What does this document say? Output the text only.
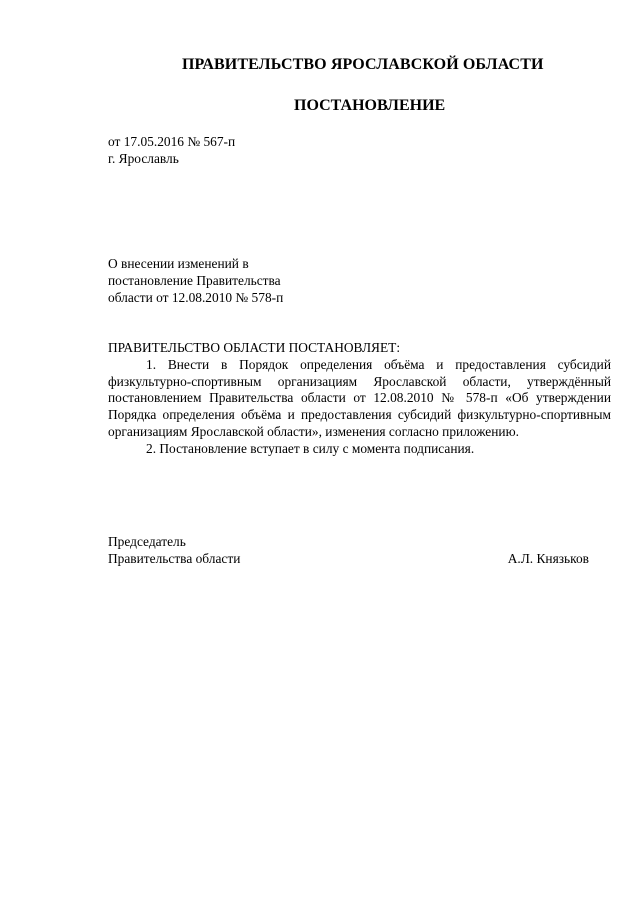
ПРАВИТЕЛЬСТВО ЯРОСЛАВСКОЙ ОБЛАСТИ
ПОСТАНОВЛЕНИЕ
от 17.05.2016 № 567-п
г. Ярославль
О внесении изменений в
постановление Правительства
области от 12.08.2010 № 578-п
ПРАВИТЕЛЬСТВО ОБЛАСТИ ПОСТАНОВЛЯЕТ:
1. Внести в Порядок определения объёма и предоставления субсидий физкультурно-спортивным организациям Ярославской области, утверждённый постановлением Правительства области от 12.08.2010 № 578-п «Об утверждении Порядка определения объёма и предоставления субсидий физкультурно-спортивным организациям Ярославской области», изменения согласно приложению.
2. Постановление вступает в силу с момента подписания.
Председатель
Правительства области	А.Л. Князьков
